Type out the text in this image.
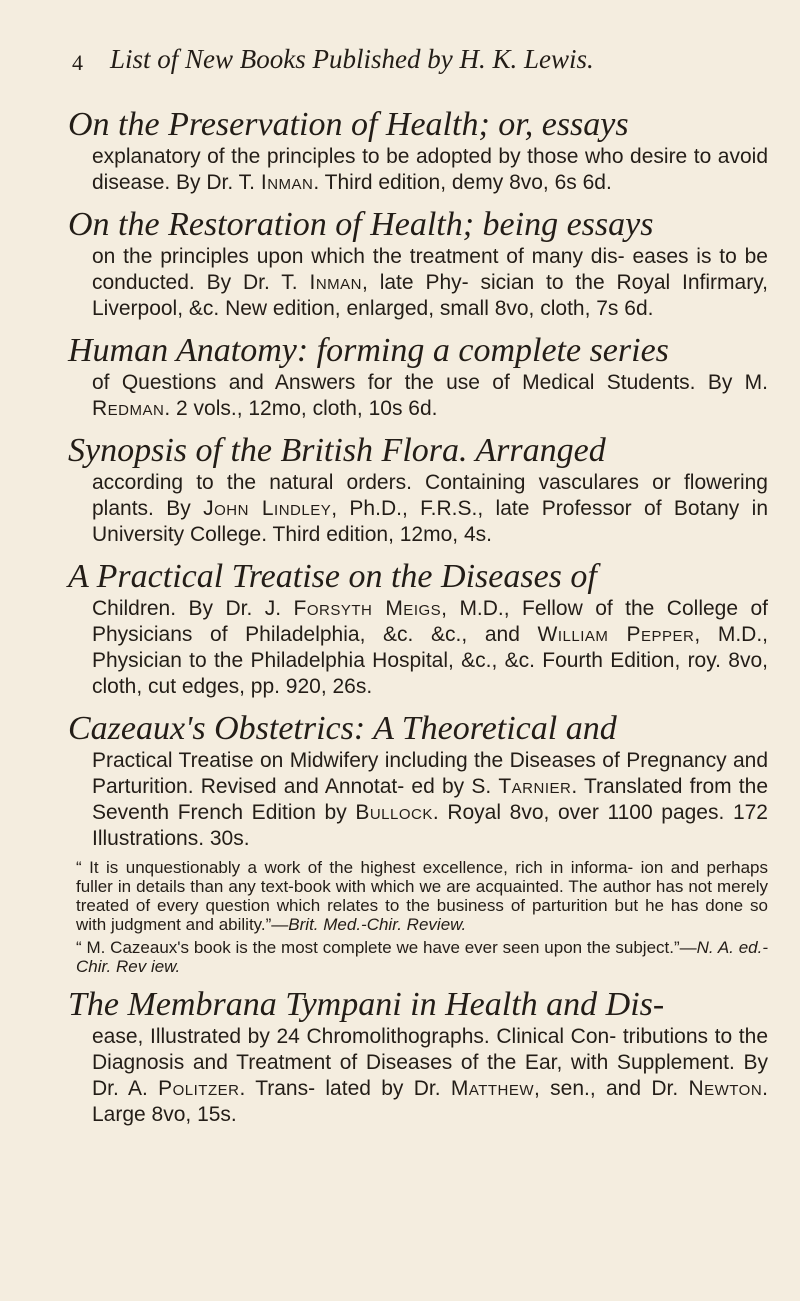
4 List of New Books Published by H. K. Lewis.
On the Preservation of Health; or, essays
explanatory of the principles to be adopted by those who desire to avoid disease. By Dr. T. Inman. Third edition, demy 8vo, 6s 6d.
On the Restoration of Health; being essays
on the principles upon which the treatment of many dis- eases is to be conducted. By Dr. T. Inman, late Phy- sician to the Royal Infirmary, Liverpool, &c. New edition, enlarged, small 8vo, cloth, 7s 6d.
Human Anatomy: forming a complete series
of Questions and Answers for the use of Medical Students. By M. Redman. 2 vols., 12mo, cloth, 10s 6d.
Synopsis of the British Flora. Arranged
according to the natural orders. Containing vasculares or flowering plants. By John Lindley, Ph.D., F.R.S., late Professor of Botany in University College. Third edition, 12mo, 4s.
A Practical Treatise on the Diseases of
Children. By Dr. J. Forsyth Meigs, M.D., Fellow of the College of Physicians of Philadelphia, &c. &c., and William Pepper, M.D., Physician to the Philadelphia Hospital, &c., &c. Fourth Edition, roy. 8vo, cloth, cut edges, pp. 920, 26s.
Cazeaux's Obstetrics: A Theoretical and
Practical Treatise on Midwifery including the Diseases of Pregnancy and Parturition. Revised and Annotat- ed by S. Tarnier. Translated from the Seventh French Edition by Bullock. Royal 8vo, over 1100 pages. 172 Illustrations. 30s.
“ It is unquestionably a work of the highest excellence, rich in informa- ion and perhaps fuller in details than any text-book with which we are acquainted. The author has not merely treated of every question which relates to the business of parturition but he has done so with judgment and ability.”—Brit. Med.-Chir. Review.
“ M. Cazeaux's book is the most complete we have ever seen upon the subject.”—N. A. ed.-Chir. Rev iew.
The Membrana Tympani in Health and Dis-
ease, Illustrated by 24 Chromolithographs. Clinical Con- tributions to the Diagnosis and Treatment of Diseases of the Ear, with Supplement. By Dr. A. Politzer. Trans- lated by Dr. Matthew, sen., and Dr. Newton. Large 8vo, 15s.
